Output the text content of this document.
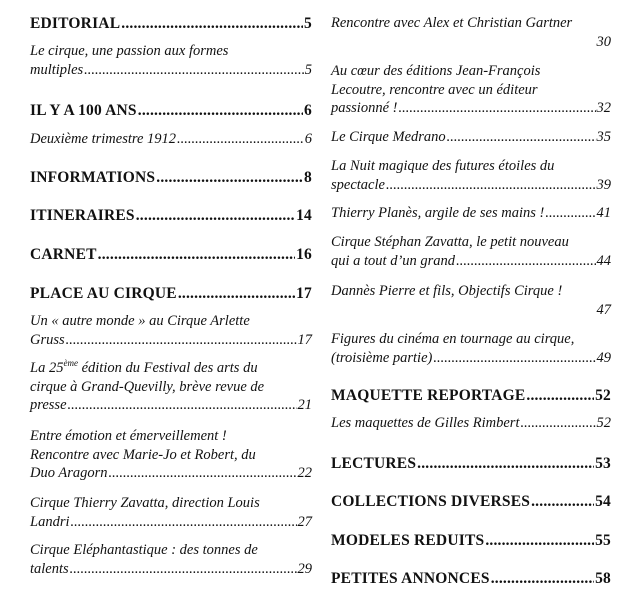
EDITORIAL .....	5
Le cirque, une passion aux formes
multiples .....	5
IL Y A 100 ANS .....	6
Deuxième trimestre 1912 .....	6
INFORMATIONS .....	8
ITINERAIRES .....	14
CARNET .....	16
PLACE AU CIRQUE .....	17
Un « autre monde » au Cirque Arlette
Gruss .....	17
La 25ème édition du Festival des arts du
cirque à Grand-Quevilly, brève revue de
presse .....	21
Entre émotion et émerveillement !
Rencontre avec Marie-Jo et Robert, du
Duo Aragorn .....	22
Cirque Thierry Zavatta, direction Louis
Landri .....	27
Cirque Eléphantastique : des tonnes de
talents .....	29
Rencontre avec Alex et Christian Gartner
30
Au cœur des éditions Jean-François
Lecoutre, rencontre avec un éditeur
passionné ! .....	32
Le Cirque Medrano .....	35
La Nuit magique des futures étoiles du
spectacle .....	39
Thierry Planès, argile de ses mains ! .....	41
Cirque Stéphan Zavatta, le petit nouveau
qui a tout d’un grand .....	44
Dannès Pierre et fils, Objectifs Cirque !
47
Figures du cinéma en tournage au cirque,
(troisième partie) .....	49
MAQUETTE REPORTAGE .....	52
Les maquettes de Gilles Rimbert .....	52
LECTURES .....	53
COLLECTIONS DIVERSES .....	54
MODELES REDUITS .....	55
PETITES ANNONCES .....	58
